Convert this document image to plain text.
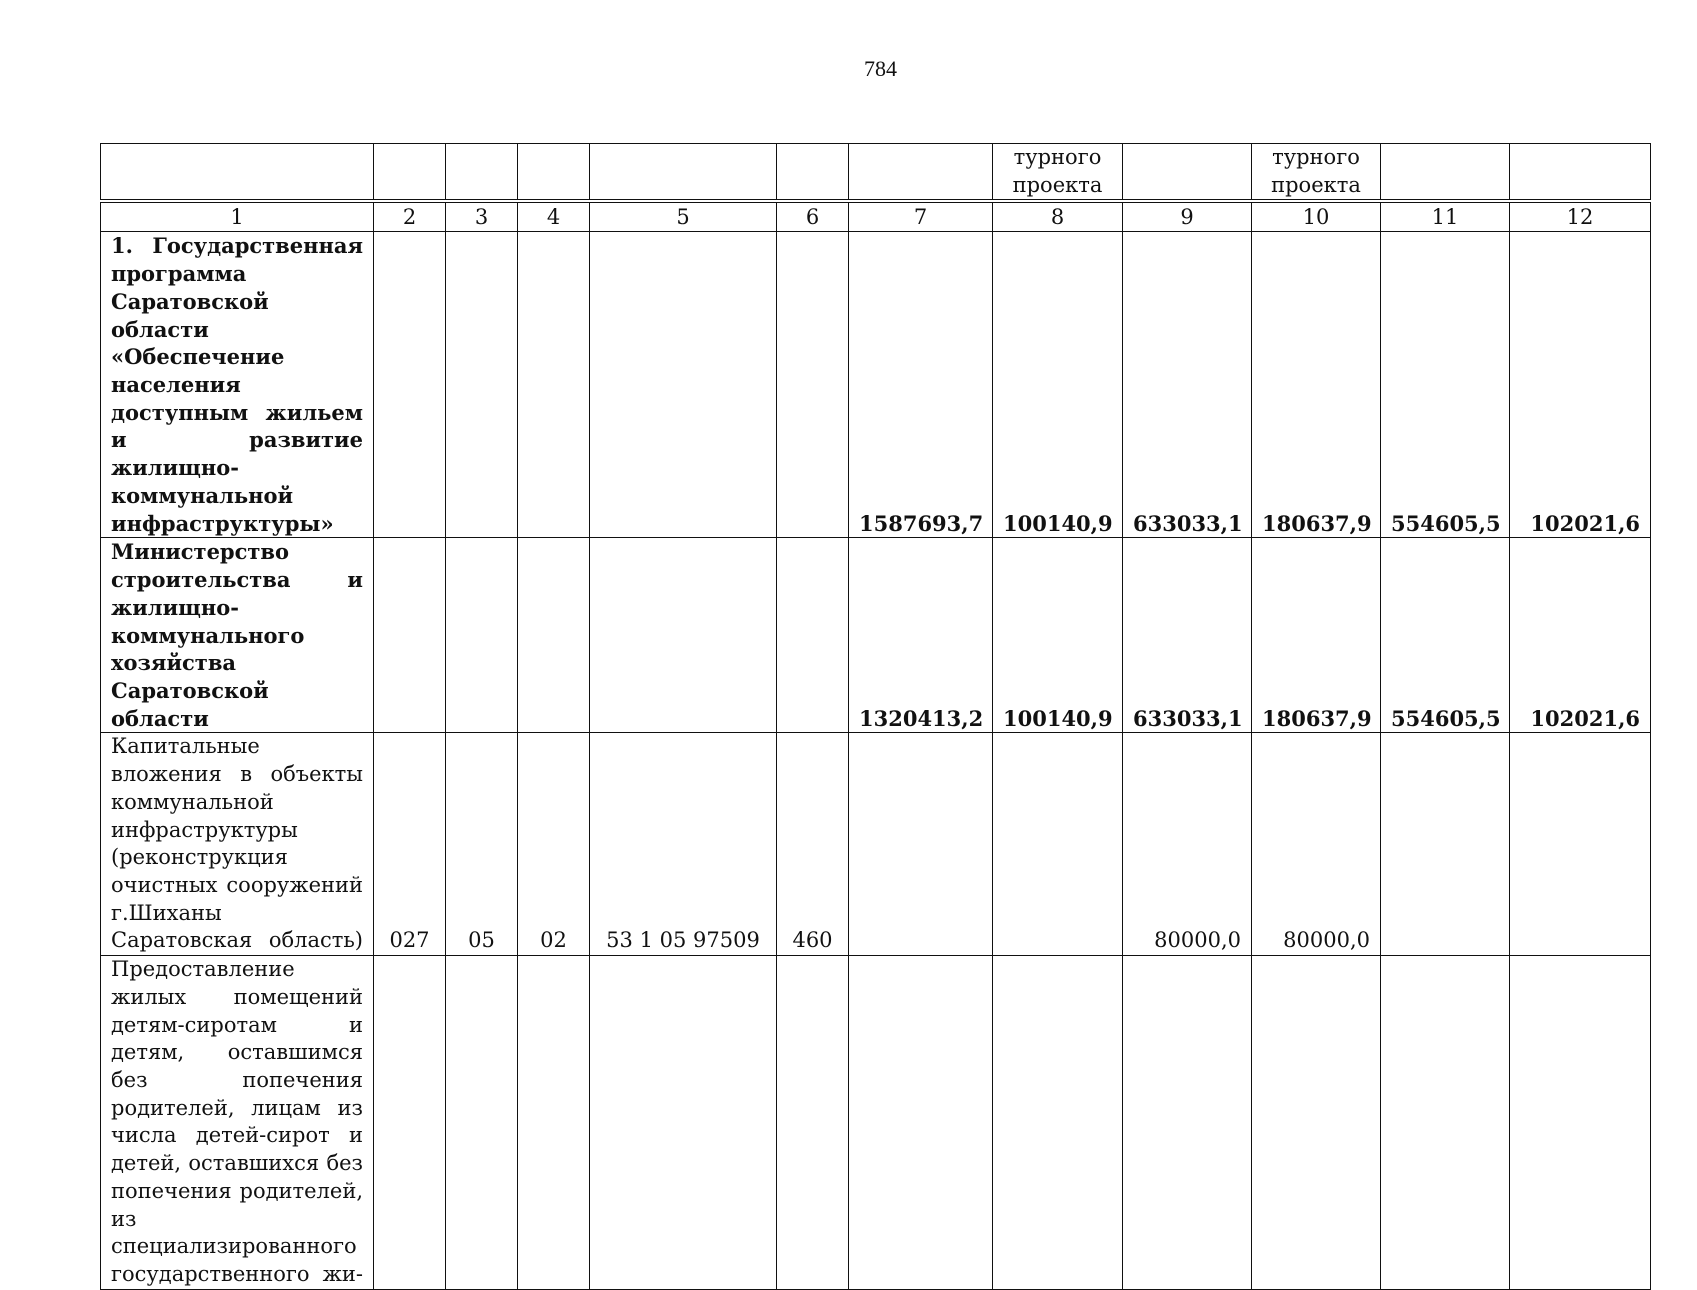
784
							турного проекта		турного проекта		
1	2	3	4	5	6	7	8	9	10	11	12
1. Государственная программа Саратовской области «Обеспечение населения доступным жильем и развитие жилищно-коммунальной инфраструктуры»						1587693,7	100140,9	633033,1	180637,9	554605,5	102021,6
Министерство строительства и жилищно-коммунального хозяйства Саратовской области						1320413,2	100140,9	633033,1	180637,9	554605,5	102021,6
Капитальные вложения в объекты коммунальной инфраструктуры (реконструкция очистных сооружений г.Шиханы Саратовская область)	027	05	02	53 1 05 97509	460			80000,0	80000,0		
Предоставление жилых помещений детям-сиротам и детям, оставшимся без попечения родителей, лицам из числа детей-сирот и детей, оставшихся без попечения родителей, из специализированного государственного жи-											
